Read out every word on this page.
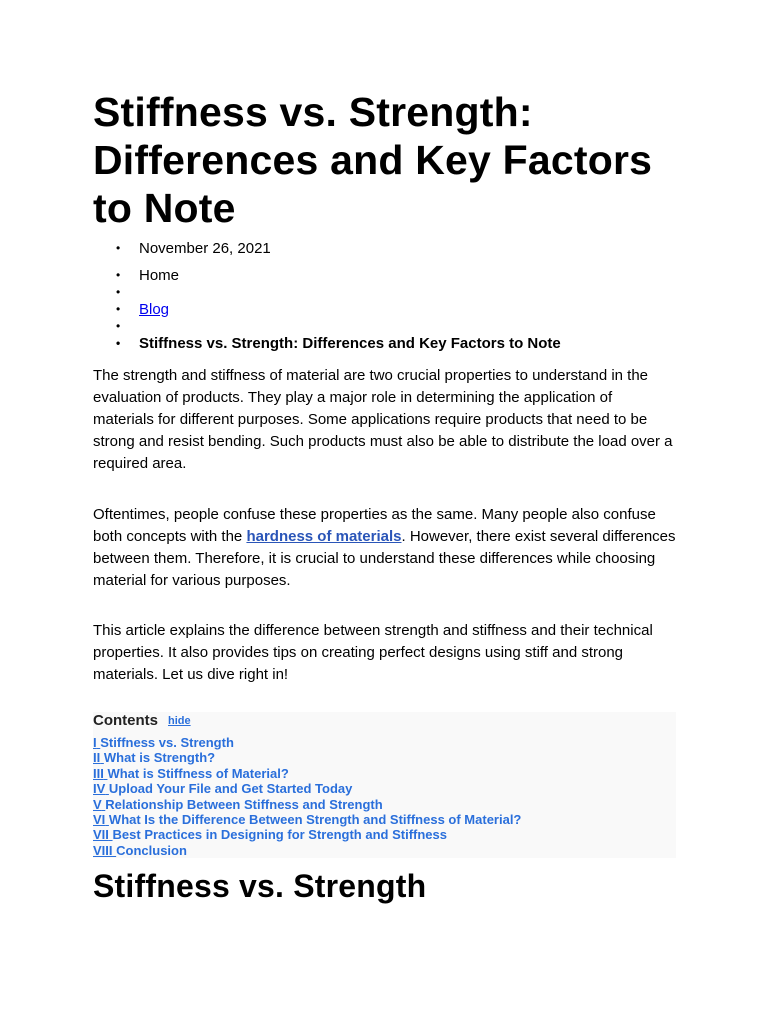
Stiffness vs. Strength: Differences and Key Factors to Note
• November 26, 2021
• Home
• Blog
• Stiffness vs. Strength: Differences and Key Factors to Note

The strength and stiffness of material are two crucial properties to understand in the evaluation of products. They play a major role in determining the application of materials for different purposes. Some applications require products that need to be strong and resist bending. Such products must also be able to distribute the load over a required area.

Oftentimes, people confuse these properties as the same. Many people also confuse both concepts with the hardness of materials. However, there exist several differences between them. Therefore, it is crucial to understand these differences while choosing material for various purposes.

This article explains the difference between strength and stiffness and their technical properties. It also provides tips on creating perfect designs using stiff and strong materials. Let us dive right in!

Contents hide
I Stiffness vs. Strength
II What is Strength?
III What is Stiffness of Material?
IV Upload Your File and Get Started Today
V Relationship Between Stiffness and Strength
VI What Is the Difference Between Strength and Stiffness of Material?
VII Best Practices in Designing for Strength and Stiffness
VIII Conclusion
Stiffness vs. Strength
